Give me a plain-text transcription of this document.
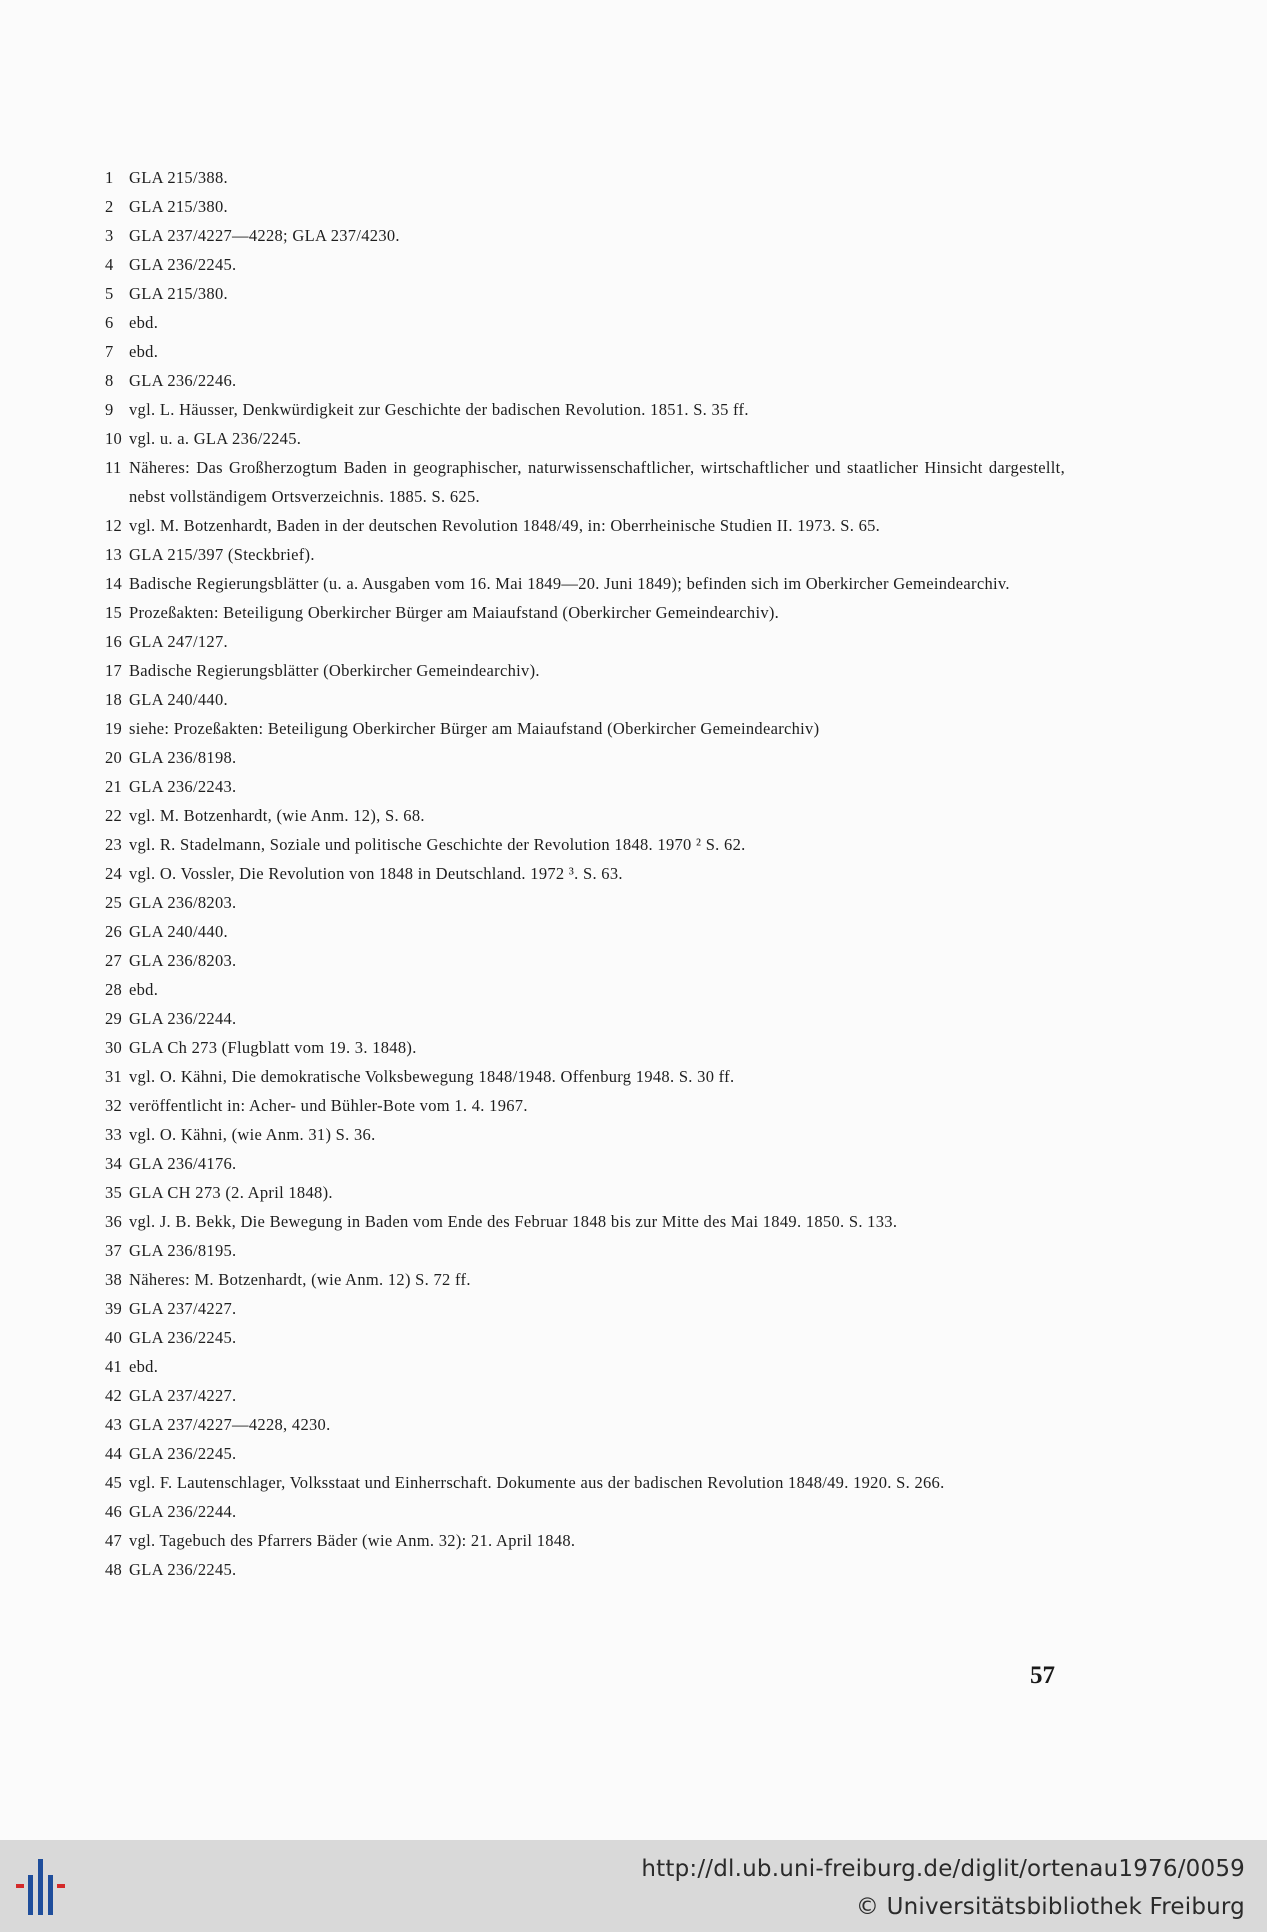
1 GLA 215/388.
2 GLA 215/380.
3 GLA 237/4227—4228; GLA 237/4230.
4 GLA 236/2245.
5 GLA 215/380.
6 ebd.
7 ebd.
8 GLA 236/2246.
9 vgl. L. Häusser, Denkwürdigkeit zur Geschichte der badischen Revolution. 1851. S. 35 ff.
10 vgl. u. a. GLA 236/2245.
11 Näheres: Das Großherzogtum Baden in geographischer, naturwissenschaftlicher, wirtschaftlicher und staatlicher Hinsicht dargestellt, nebst vollständigem Ortsverzeichnis. 1885. S. 625.
12 vgl. M. Botzenhardt, Baden in der deutschen Revolution 1848/49, in: Oberrheinische Studien II. 1973. S. 65.
13 GLA 215/397 (Steckbrief).
14 Badische Regierungsblätter (u. a. Ausgaben vom 16. Mai 1849—20. Juni 1849); befinden sich im Oberkircher Gemeindearchiv.
15 Prozeßakten: Beteiligung Oberkircher Bürger am Maiaufstand (Oberkircher Gemeindearchiv).
16 GLA 247/127.
17 Badische Regierungsblätter (Oberkircher Gemeindearchiv).
18 GLA 240/440.
19 siehe: Prozeßakten: Beteiligung Oberkircher Bürger am Maiaufstand (Oberkircher Gemeindearchiv)
20 GLA 236/8198.
21 GLA 236/2243.
22 vgl. M. Botzenhardt, (wie Anm. 12), S. 68.
23 vgl. R. Stadelmann, Soziale und politische Geschichte der Revolution 1848. 1970 ² S. 62.
24 vgl. O. Vossler, Die Revolution von 1848 in Deutschland. 1972 ³. S. 63.
25 GLA 236/8203.
26 GLA 240/440.
27 GLA 236/8203.
28 ebd.
29 GLA 236/2244.
30 GLA Ch 273 (Flugblatt vom 19. 3. 1848).
31 vgl. O. Kähni, Die demokratische Volksbewegung 1848/1948. Offenburg 1948. S. 30 ff.
32 veröffentlicht in: Acher- und Bühler-Bote vom 1. 4. 1967.
33 vgl. O. Kähni, (wie Anm. 31) S. 36.
34 GLA 236/4176.
35 GLA CH 273 (2. April 1848).
36 vgl. J. B. Bekk, Die Bewegung in Baden vom Ende des Februar 1848 bis zur Mitte des Mai 1849. 1850. S. 133.
37 GLA 236/8195.
38 Näheres: M. Botzenhardt, (wie Anm. 12) S. 72 ff.
39 GLA 237/4227.
40 GLA 236/2245.
41 ebd.
42 GLA 237/4227.
43 GLA 237/4227—4228, 4230.
44 GLA 236/2245.
45 vgl. F. Lautenschlager, Volksstaat und Einherrschaft. Dokumente aus der badischen Revolution 1848/49. 1920. S. 266.
46 GLA 236/2244.
47 vgl. Tagebuch des Pfarrers Bäder (wie Anm. 32): 21. April 1848.
48 GLA 236/2245.
57
http://dl.ub.uni-freiburg.de/diglit/ortenau1976/0059
© Universitätsbibliothek Freiburg
